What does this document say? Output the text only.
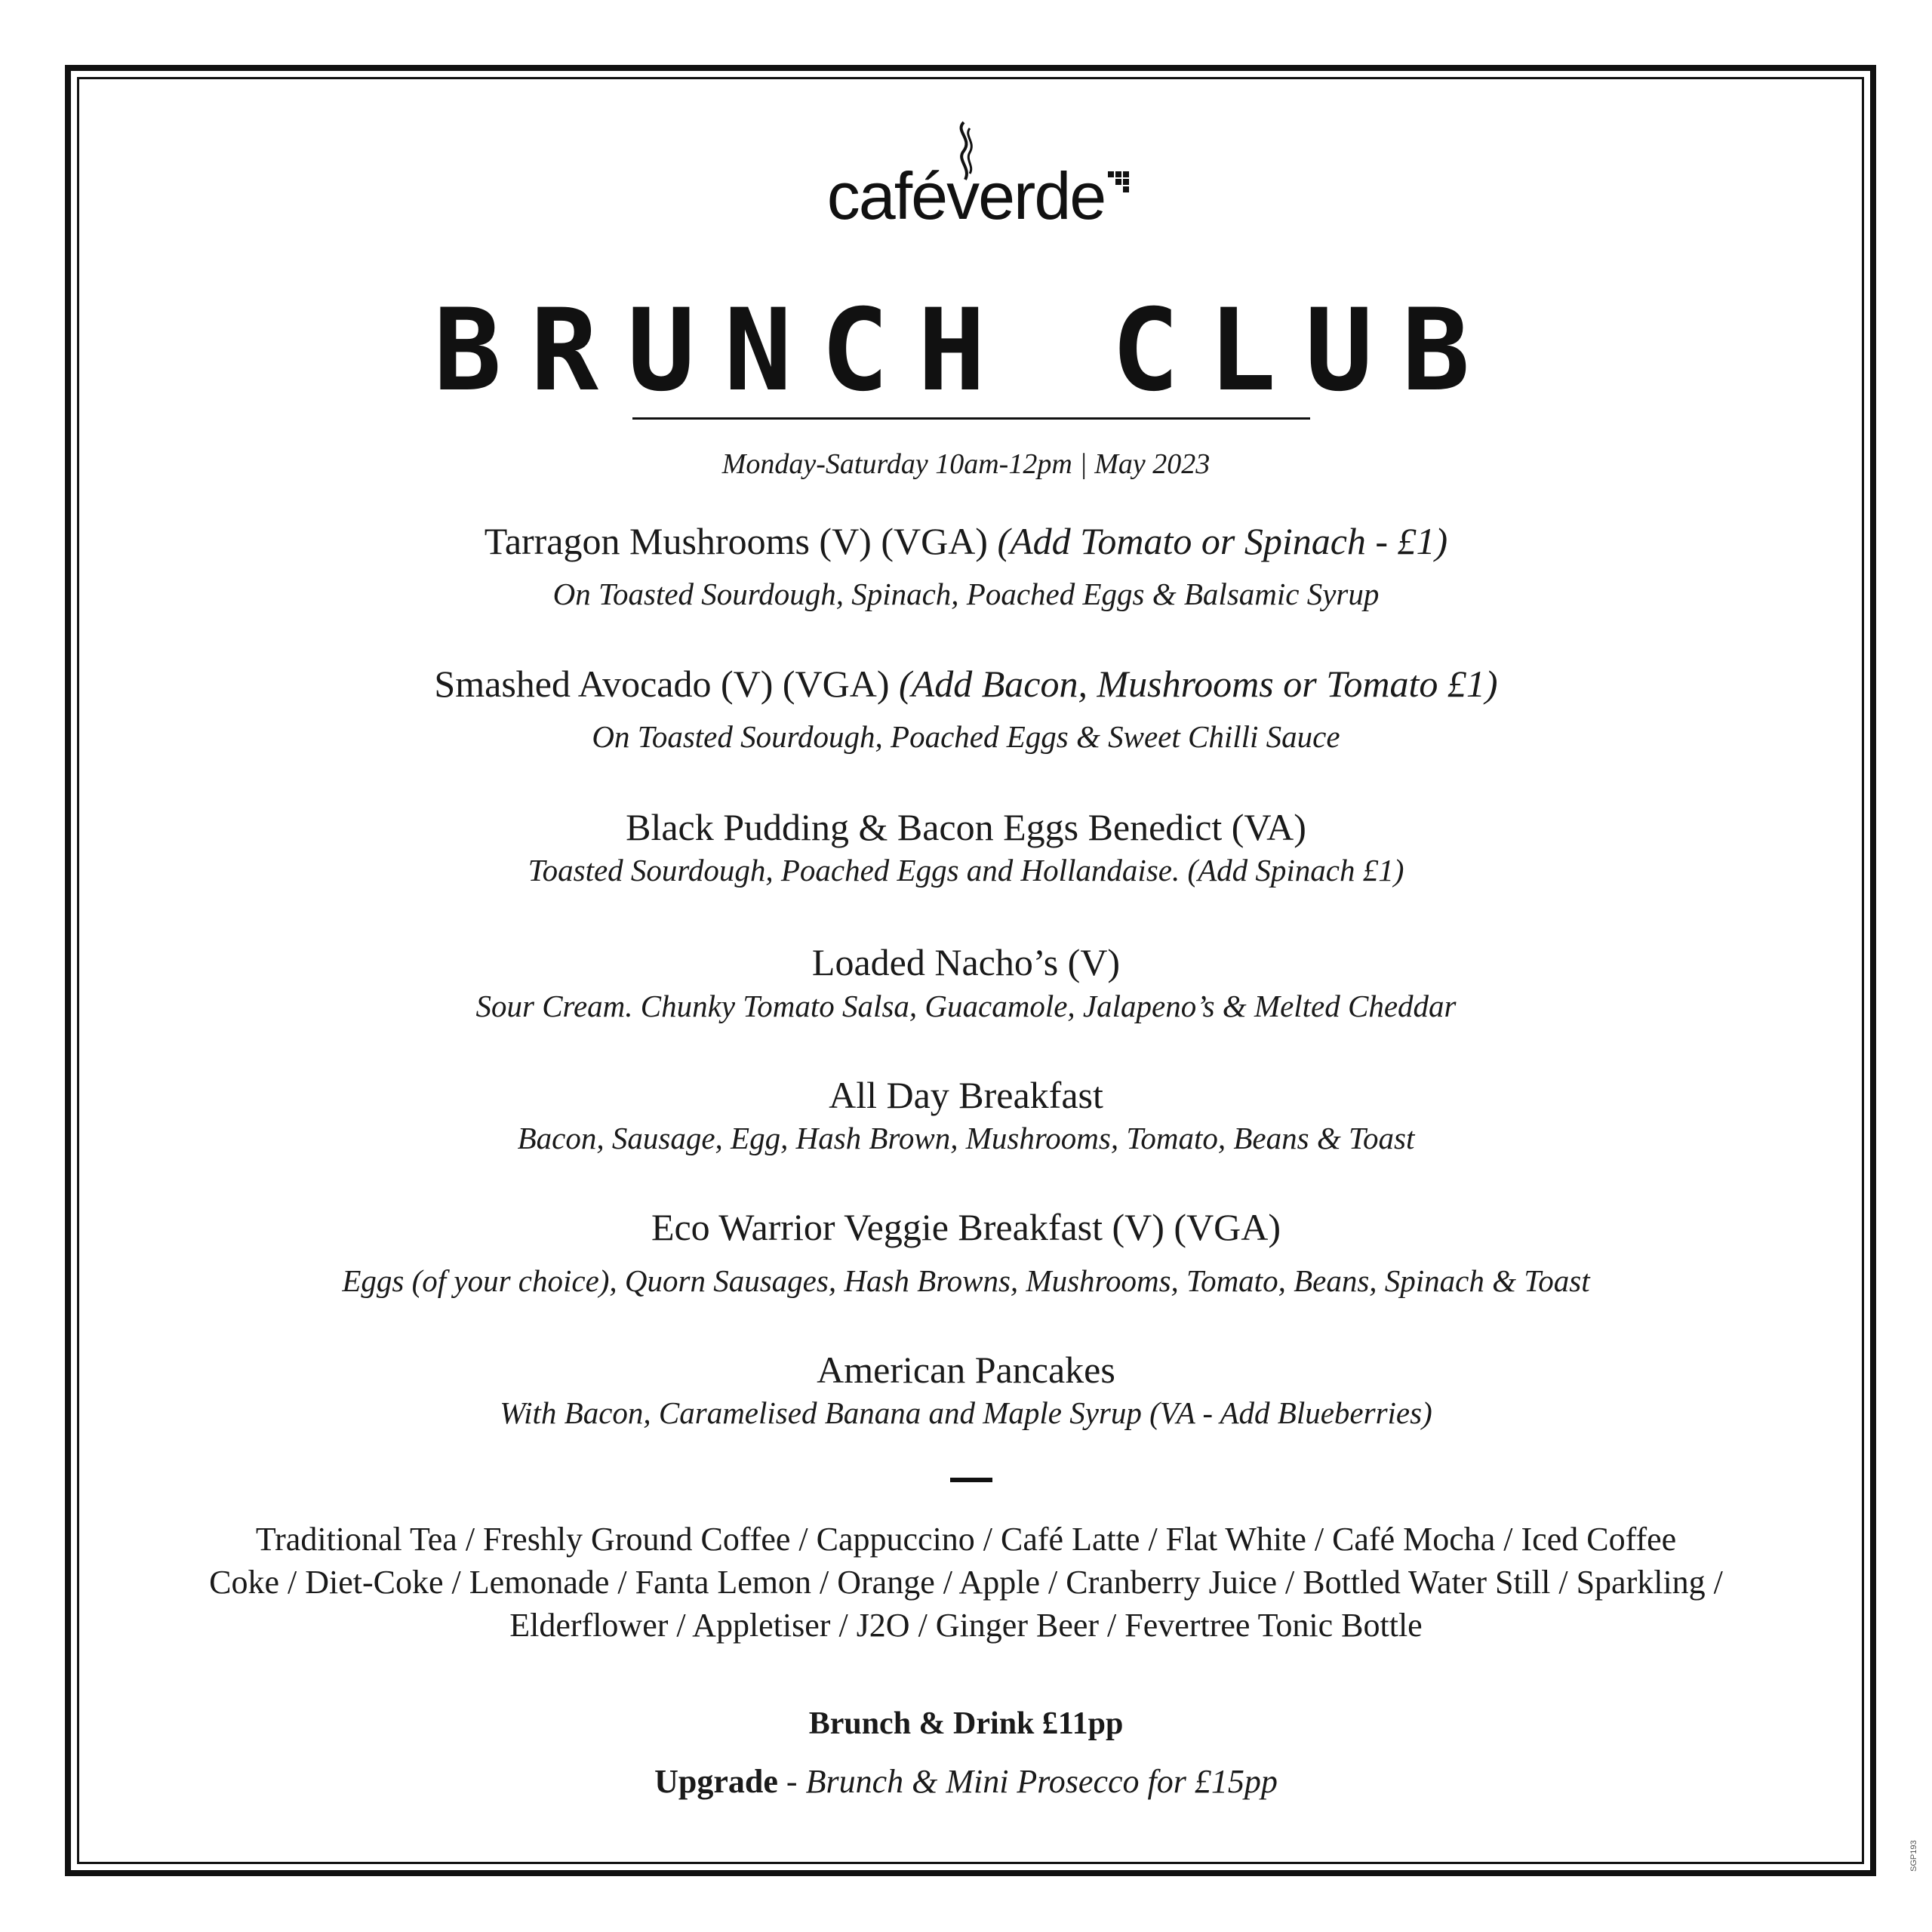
caféverde

BRUNCH CLUB

Monday-Saturday 10am-12pm | May 2023

Tarragon Mushrooms (V) (VGA) (Add Tomato or Spinach - £1)

On Toasted Sourdough, Spinach, Poached Eggs & Balsamic Syrup

Smashed Avocado (V) (VGA) (Add Bacon, Mushrooms or Tomato £1)

On Toasted Sourdough, Poached Eggs & Sweet Chilli Sauce

Black Pudding & Bacon Eggs Benedict (VA)

Toasted Sourdough, Poached Eggs and Hollandaise. (Add Spinach £1)

Loaded Nacho’s (V)

Sour Cream. Chunky Tomato Salsa, Guacamole, Jalapeno’s & Melted Cheddar

All Day Breakfast

Bacon, Sausage, Egg, Hash Brown, Mushrooms, Tomato, Beans & Toast

Eco Warrior Veggie Breakfast (V) (VGA)

Eggs (of your choice), Quorn Sausages, Hash Browns, Mushrooms, Tomato, Beans, Spinach & Toast

American Pancakes

With Bacon, Caramelised Banana and Maple Syrup (VA - Add Blueberries)

Traditional Tea / Freshly Ground Coffee / Cappuccino / Café Latte / Flat White / Café Mocha / Iced Coffee

Coke / Diet-Coke / Lemonade / Fanta Lemon / Orange / Apple / Cranberry Juice / Bottled Water Still / Sparkling /

Elderflower / Appletiser / J2O / Ginger Beer / Fevertree Tonic Bottle

Brunch & Drink £11pp

Upgrade - Brunch & Mini Prosecco for £15pp

SGP193
